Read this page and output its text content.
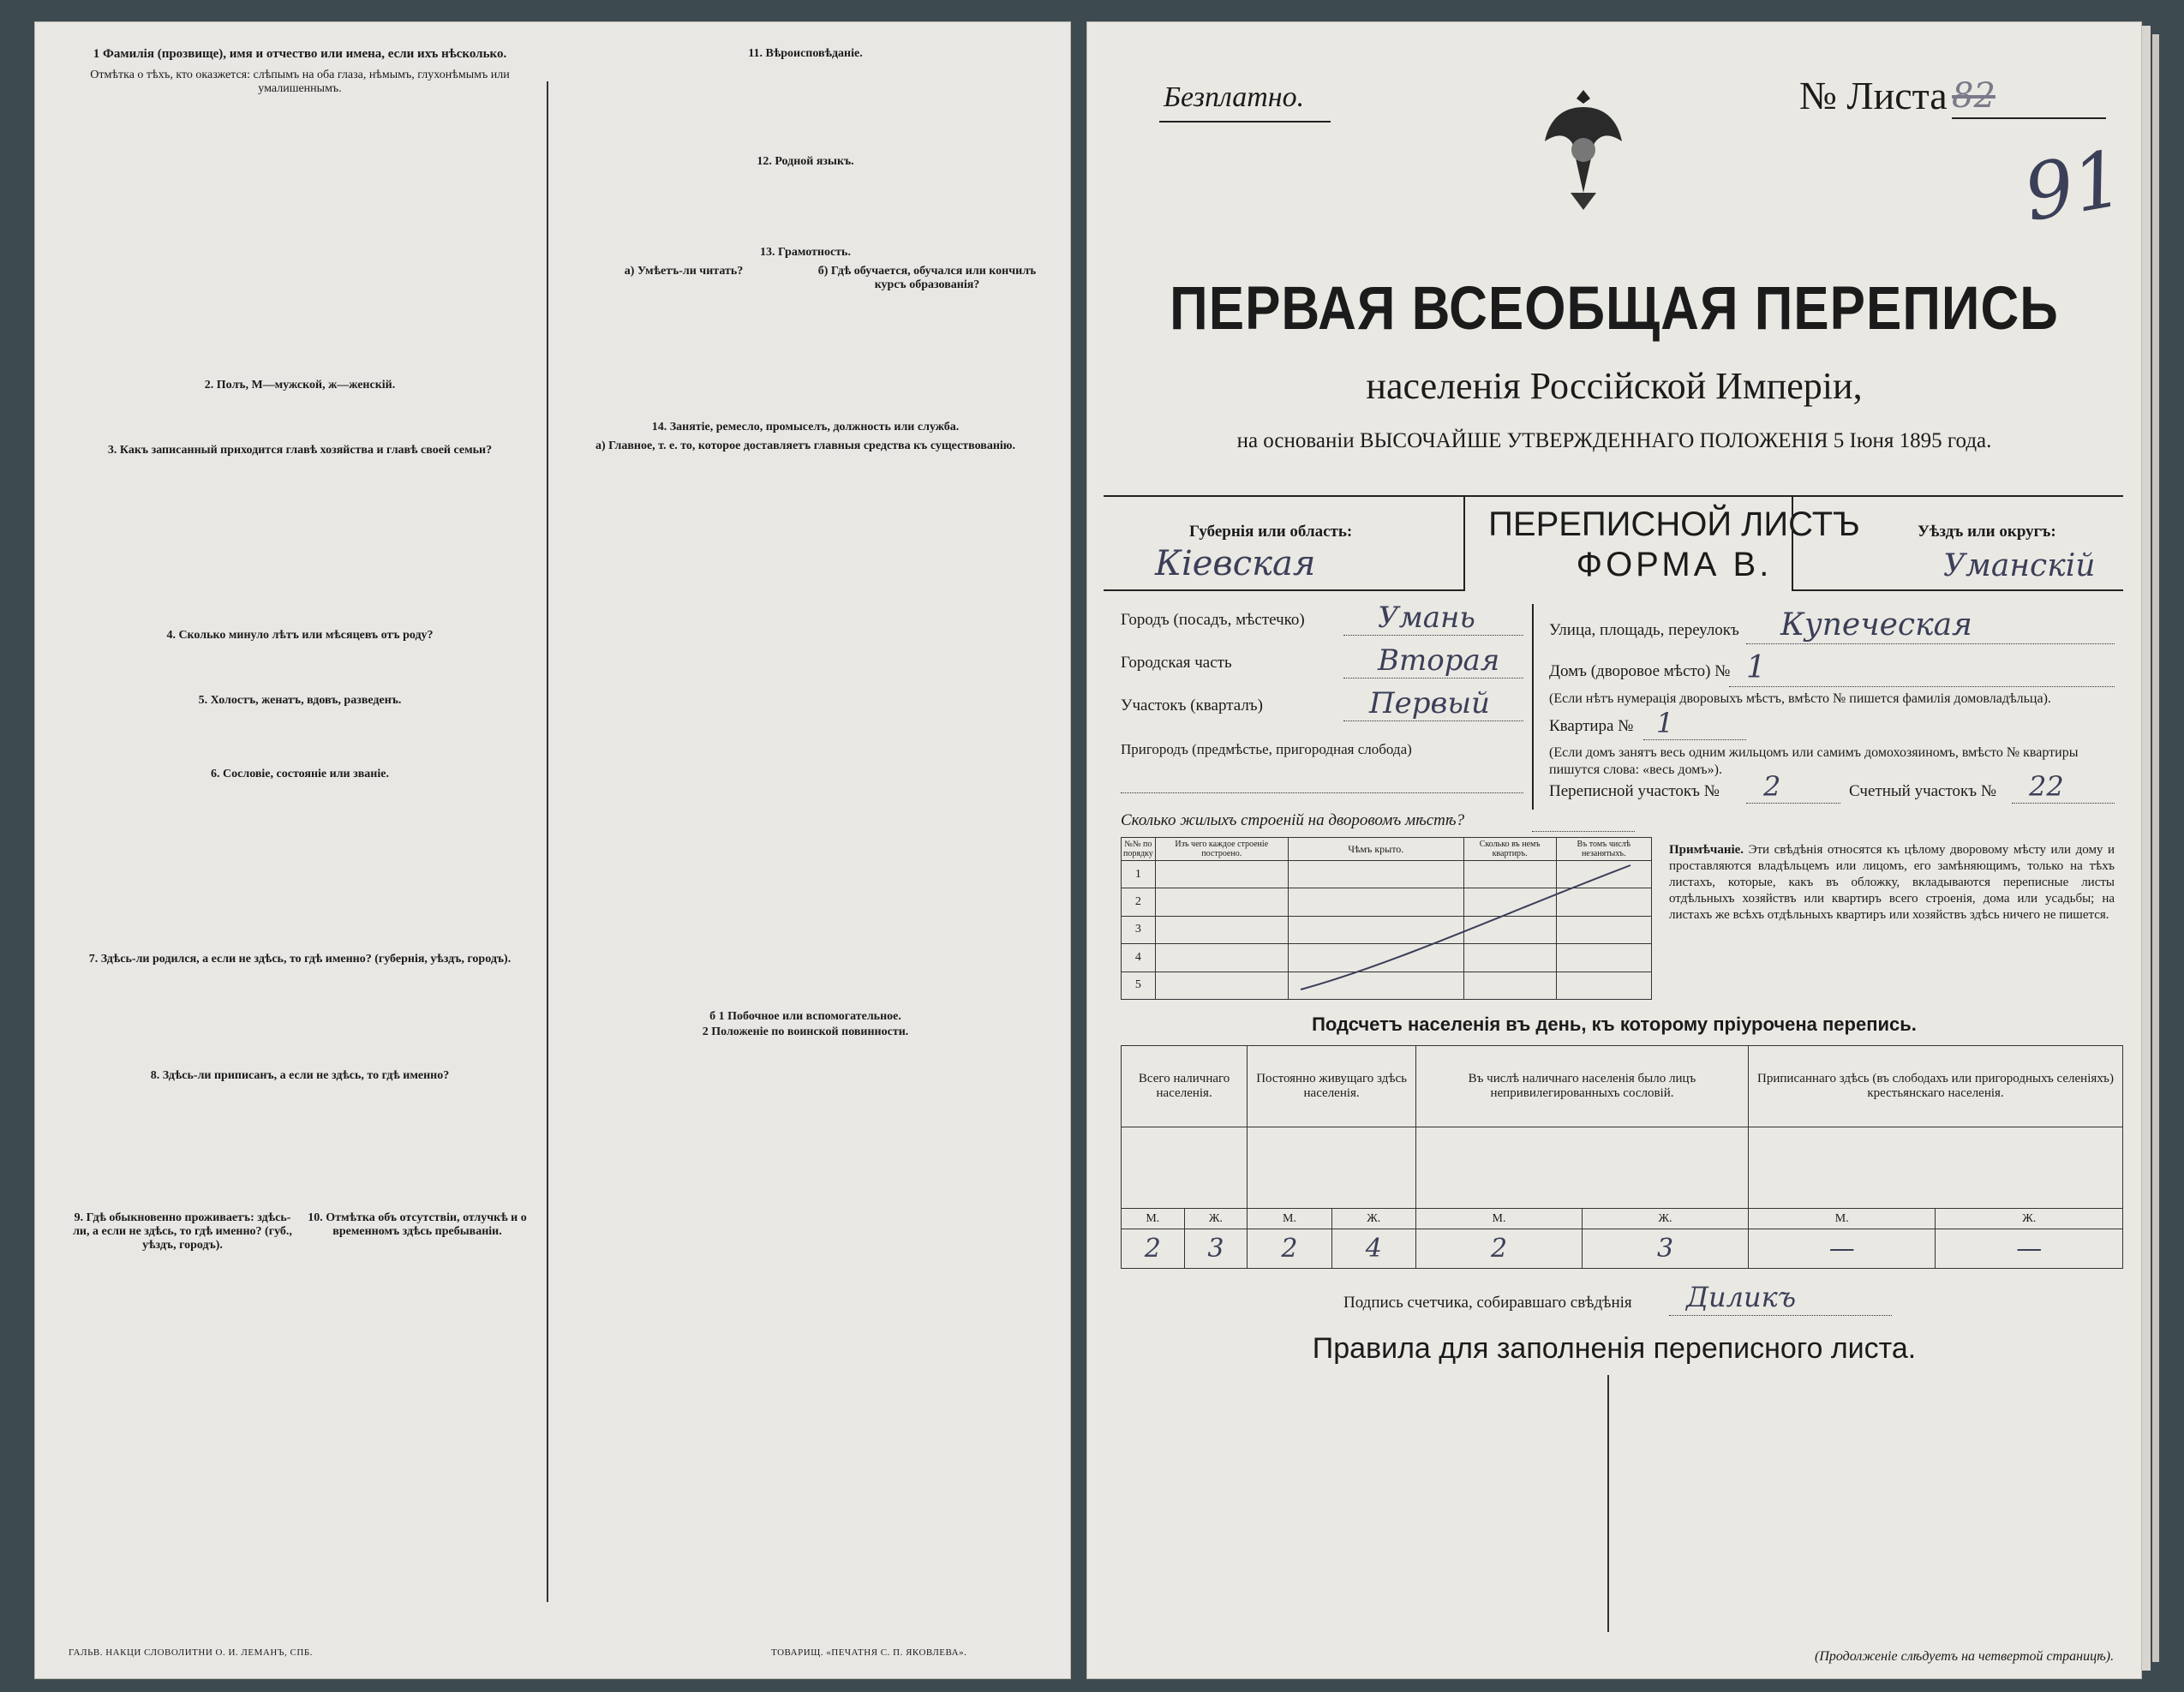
1 Фамилія (прозвище), имя и отчество или имена, если ихъ нѣсколько.
Отмѣтка о тѣхъ, кто оказжется: слѣпымъ на оба глаза, нѣмымъ, глухонѣмымъ или умалишеннымъ.
2. Полъ, М—мужской, ж—женскій.
3. Какъ записанный приходится главѣ хозяйства и главѣ своей семьи?
4. Сколько минуло лѣтъ или мѣсяцевъ отъ роду?
5. Холостъ, женатъ, вдовъ, разведенъ.
6. Сословіе, состояніе или званіе.
7. Здѣсь-ли родился, а если не здѣсь, то гдѣ именно? (губернія, уѣздъ, городъ).
8. Здѣсь-ли приписанъ, а если не здѣсь, то гдѣ именно?
9. Гдѣ обыкновенно проживаетъ: здѣсь-ли, а если не здѣсь, то гдѣ именно? (губ., уѣздъ, городъ).
10. Отмѣтка объ отсутствіи, отлучкѣ и о временномъ здѣсь пребываніи.
11. Вѣроисповѣданіе.
12. Родной языкъ.
13. Грамотность.
а) Умѣетъ-ли читать?	б) Гдѣ обучается, обучался или кончилъ курсъ образованія?
14. Занятіе, ремесло, промыселъ, должность или служба.
а) Главное, т. е. то, которое доставляетъ главныя средства къ существованію.
б 1 Побочное или вспомогательное.
2 Положеніе по воинской повинности.
ГАЛЬВ. НАКЦИ СЛОВОЛИТНИ О. И. ЛЕМАНЪ, СПБ.	ТОВАРИЩ. «ПЕЧАТНЯ С. П. ЯКОВЛЕВА».
Безплатно.	№ Листа 82
91
ПЕРВАЯ ВСЕОБЩАЯ ПЕРЕПИСЬ
населенія Россійской Имперіи,
на основаніи ВЫСОЧАЙШЕ УТВЕРЖДЕННАГО ПОЛОЖЕНІЯ 5 Іюня 1895 года.
Губернія или область:
Кіевская
ПЕРЕПИСНОЙ ЛИСТЪ
ФОРМА В.
Уѣздъ или округъ:
Уманскій
Городъ (посадъ, мѣстечко)	Умань
Городская часть	Вторая
Участокъ (кварталъ)	Первый
Пригородъ (предмѣстье, пригородная слобода)
Улица, площадь, переулокъ Купеческая
Домъ (дворовое мѣсто) № 1
(Если нѣтъ нумерація дворовыхъ мѣстъ, вмѣсто № пишется фамилія домовладѣльца).
Квартира № 1
(Если домъ занятъ весь одним жильцомъ или самимъ домохозяиномъ, вмѣсто № квартиры пишутся слова: «весь домъ»).
Переписной участокъ № 2	Счетный участокъ № 22
Сколько жилыхъ строеній на дворовомъ мѣстѣ?
№№ по порядку	Изъ чего каждое строеніе построено.	Чѣмъ крыто.	Сколько въ немъ квартиръ.	Въ томъ числѣ незанятыхъ.
1				
2				
3				
4				
5				
Примѣчаніе. Эти свѣдѣнія относятся къ цѣлому дворовому мѣсту или дому и проставляются владѣльцемъ или лицомъ, его замѣняющимъ, только на тѣхъ листахъ, которые, какъ въ обложку, вкладываются переписные листы отдѣльныхъ хозяйствъ или квартиръ всего строенія, дома или усадьбы; на листахъ же всѣхъ отдѣльныхъ квартиръ или хозяйствъ здѣсь ничего не пишется.
Подсчетъ населенія въ день, къ которому пріурочена перепись.
Всего наличнаго населенія.		Постоянно живущаго здѣсь населенія.		Въ числѣ наличнаго населенія было лицъ непривилегированныхъ сословій.		Приписаннаго здѣсь (въ слободахъ или пригородныхъ селеніяхъ) крестьянскаго населенія.	

М.	Ж.	М.	Ж.	М.	Ж.	М.	Ж.
2	3	2	4	2	3	—	—
Подпись счетчика, собиравшаго свѣдѣнія Диликъ
Правила для заполненія переписного листа.
(Продолженіе слѣдуетъ на четвертой страницѣ).
